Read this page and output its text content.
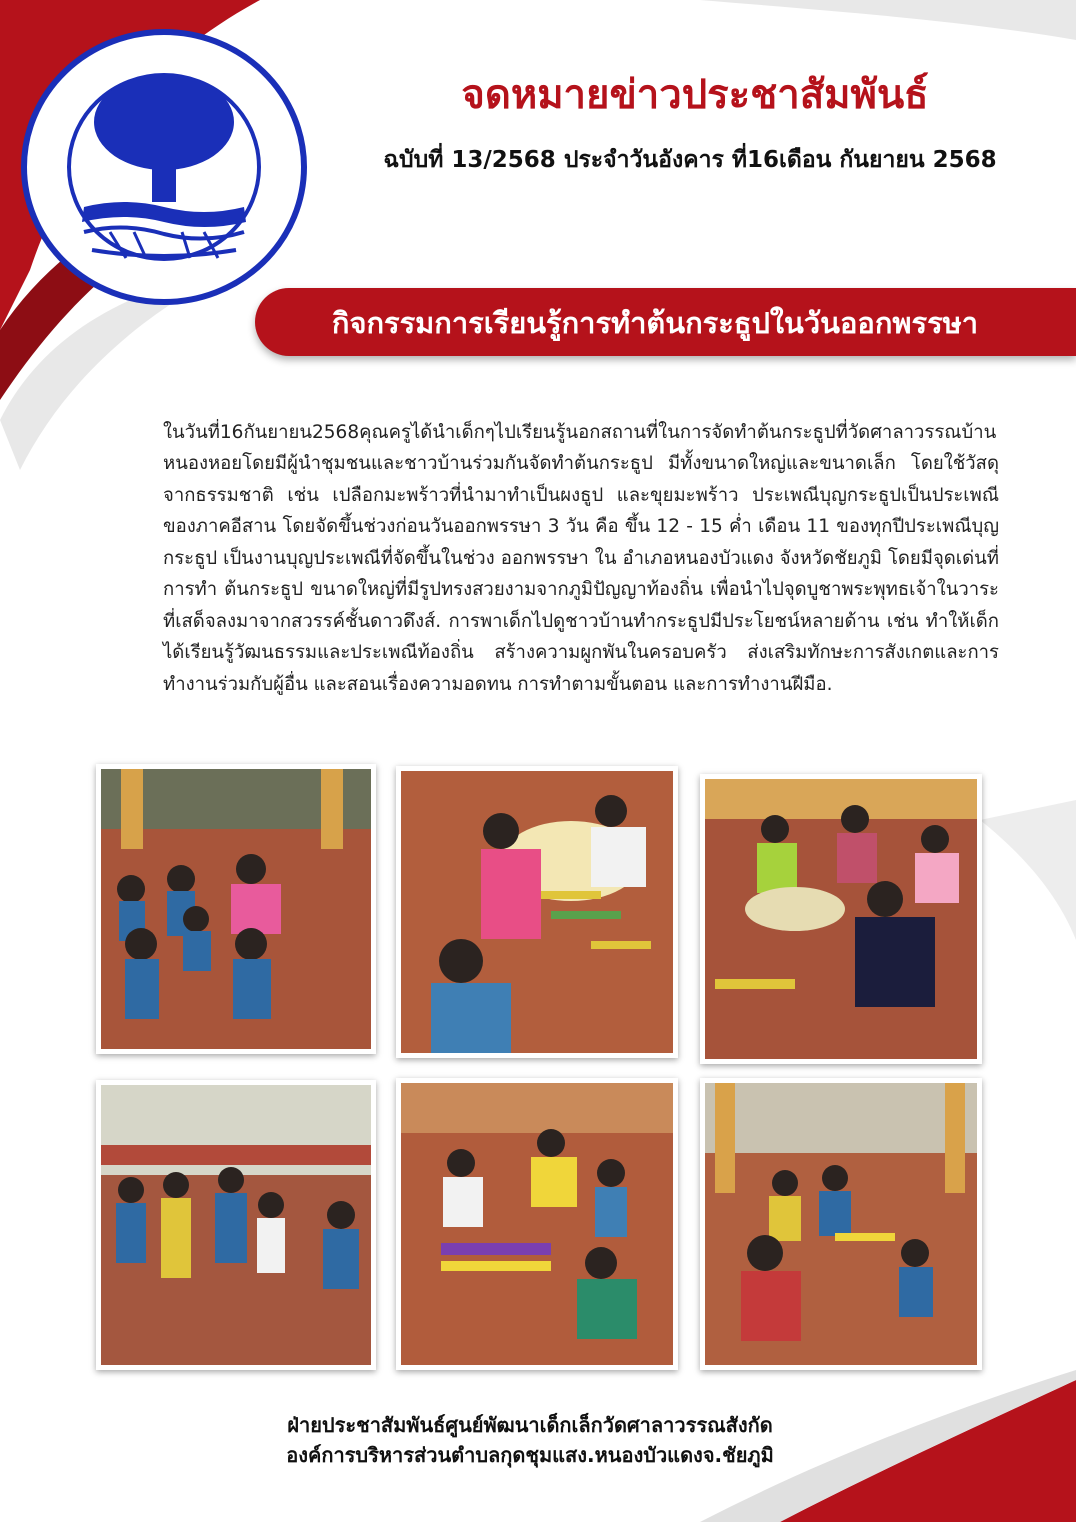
จดหมายข่าวประชาสัมพันธ์
ฉบับที่ 13/2568 ประจำวันอังคาร ที่16เดือน กันยายน 2568
กิจกรรมการเรียนรู้การทำต้นกระธูปในวันออกพรรษา

ในวันที่16กันยายน2568คุณครูได้นำเด็กๆไปเรียนรู้นอกสถานที่ในการจัดทำต้นกระธูปที่วัดศาลาวรรณบ้านหนองหอยโดยมีผู้นำชุมชนและชาวบ้านร่วมกันจัดทำต้นกระธูป มีทั้งขนาดใหญ่และขนาดเล็ก โดยใช้วัสดุจากธรรมชาติ เช่น เปลือกมะพร้าวที่นำมาทำเป็นผงธูป และขุยมะพร้าว ประเพณีบุญกระธูปเป็นประเพณีของภาคอีสาน โดยจัดขึ้นช่วงก่อนวันออกพรรษา 3 วัน คือ ขึ้น 12 - 15 ค่ำ เดือน 11 ของทุกปีประเพณีบุญกระธูป เป็นงานบุญประเพณีที่จัดขึ้นในช่วง ออกพรรษา ใน อำเภอหนองบัวแดง จังหวัดชัยภูมิ โดยมีจุดเด่นที่การทำ ต้นกระธูป ขนาดใหญ่ที่มีรูปทรงสวยงามจากภูมิปัญญาท้องถิ่น เพื่อนำไปจุดบูชาพระพุทธเจ้าในวาระที่เสด็จลงมาจากสวรรค์ชั้นดาวดึงส์. การพาเด็กไปดูชาวบ้านทำกระธูปมีประโยชน์หลายด้าน เช่น ทำให้เด็กได้เรียนรู้วัฒนธรรมและประเพณีท้องถิ่น สร้างความผูกพันในครอบครัว ส่งเสริมทักษะการสังเกตและการทำงานร่วมกับผู้อื่น และสอนเรื่องความอดทน การทำตามขั้นตอน และการทำงานฝีมือ.

ฝ่ายประชาสัมพันธ์ศูนย์พัฒนาเด็กเล็กวัดศาลาวรรณสังกัด
องค์การบริหารส่วนตำบลกุดชุมแสง.หนองบัวแดงจ.ชัยภูมิ
